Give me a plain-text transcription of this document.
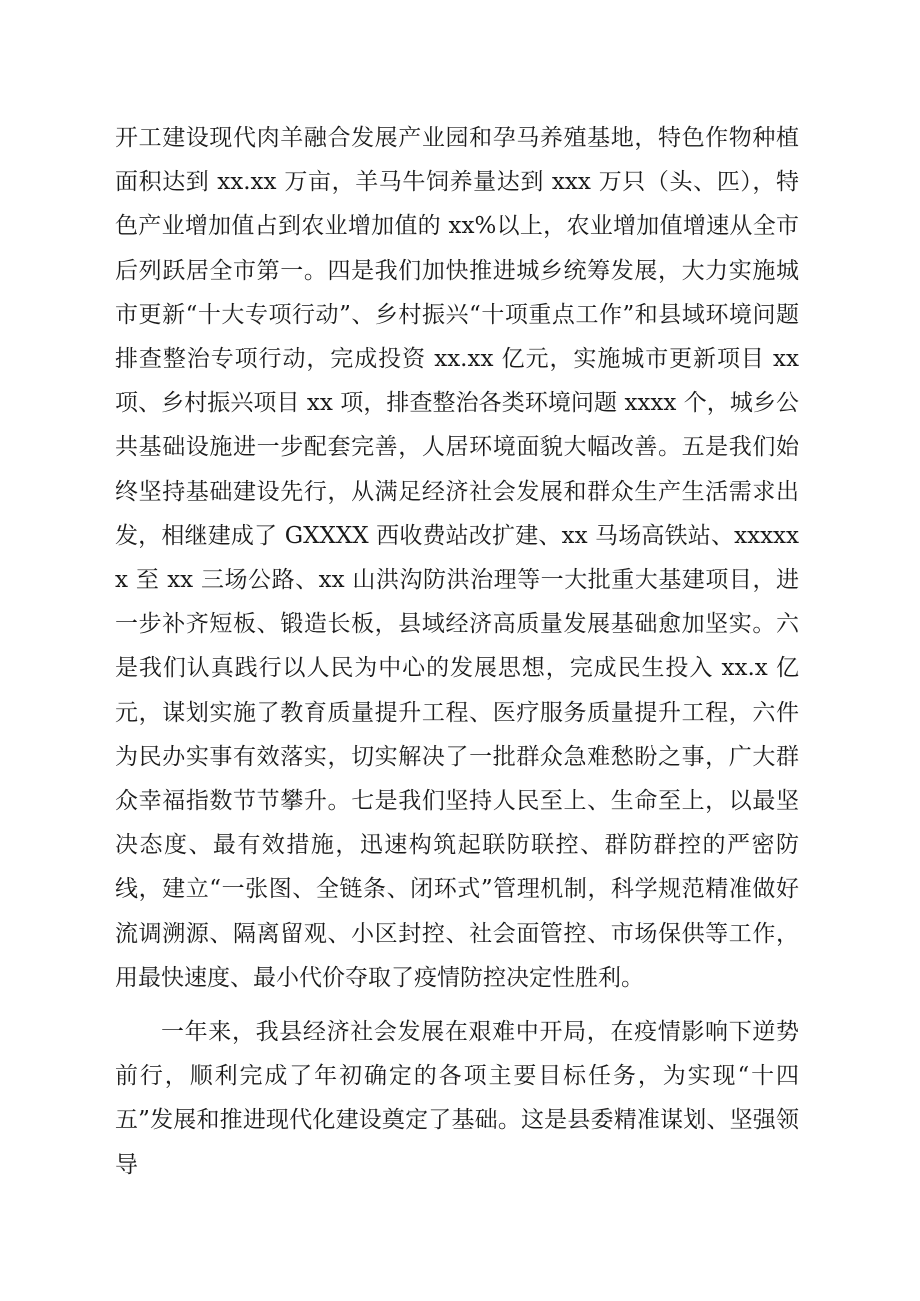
开工建设现代肉羊融合发展产业园和孕马养殖基地，特色作物种植面积达到 xx.xx 万亩，羊马牛饲养量达到 xxx 万只（头、匹），特色产业增加值占到农业增加值的 xx%以上，农业增加值增速从全市后列跃居全市第一。四是我们加快推进城乡统筹发展，大力实施城市更新“十大专项行动”、乡村振兴“十项重点工作”和县域环境问题排查整治专项行动，完成投资 xx.xx 亿元，实施城市更新项目 xx 项、乡村振兴项目 xx 项，排查整治各类环境问题 xxxx 个，城乡公共基础设施进一步配套完善，人居环境面貌大幅改善。五是我们始终坚持基础建设先行，从满足经济社会发展和群众生产生活需求出发，相继建成了 GXXXX 西收费站改扩建、xx 马场高铁站、xxxxxx 至 xx 三场公路、xx 山洪沟防洪治理等一大批重大基建项目，进一步补齐短板、锻造长板，县域经济高质量发展基础愈加坚实。六是我们认真践行以人民为中心的发展思想，完成民生投入 xx.x 亿元，谋划实施了教育质量提升工程、医疗服务质量提升工程，六件为民办实事有效落实，切实解决了一批群众急难愁盼之事，广大群众幸福指数节节攀升。七是我们坚持人民至上、生命至上，以最坚决态度、最有效措施，迅速构筑起联防联控、群防群控的严密防线，建立“一张图、全链条、闭环式”管理机制，科学规范精准做好流调溯源、隔离留观、小区封控、社会面管控、市场保供等工作，用最快速度、最小代价夺取了疫情防控决定性胜利。

一年来，我县经济社会发展在艰难中开局，在疫情影响下逆势前行，顺利完成了年初确定的各项主要目标任务，为实现“十四五”发展和推进现代化建设奠定了基础。这是县委精准谋划、坚强领导
